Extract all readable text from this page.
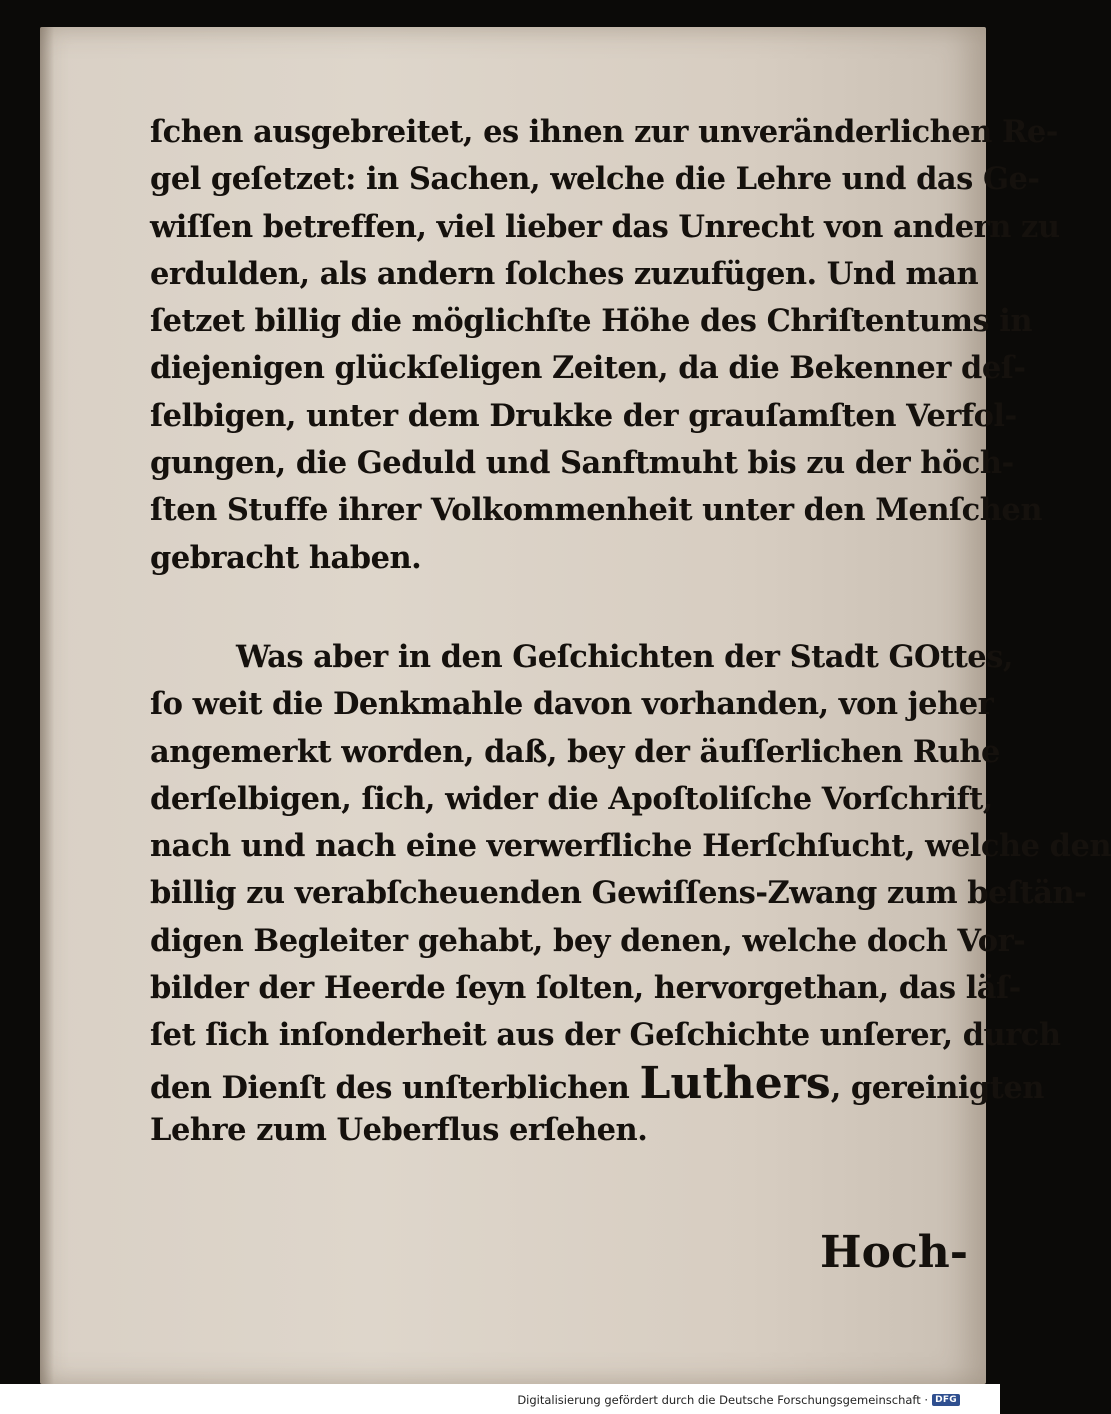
ſchen ausgebreitet, es ihnen zur unveränderlichen Re-
gel geſetzet: in Sachen, welche die Lehre und das Ge-
wiſſen betreffen, viel lieber das Unrecht von andern zu
erdulden, als andern ſolches zuzufügen. Und man
ſetzet billig die möglichſte Höhe des Chriſtentums in
diejenigen glückſeligen Zeiten, da die Bekenner deſ-
ſelbigen, unter dem Drukke der grauſamſten Verfol-
gungen, die Geduld und Sanftmuht bis zu der höch-
ſten Stuffe ihrer Volkommenheit unter den Menſchen
gebracht haben.
Was aber in den Geſchichten der Stadt GOttes,
ſo weit die Denkmahle davon vorhanden, von jeher
angemerkt worden, daß, bey der äuſſerlichen Ruhe
derſelbigen, ſich, wider die Apoſtoliſche Vorſchrift,
nach und nach eine verwerfliche Herſchſucht, welche den
billig zu verabſcheuenden Gewiſſens-Zwang zum beſtän-
digen Begleiter gehabt, bey denen, welche doch Vor-
bilder der Heerde ſeyn ſolten, hervorgethan, das läſ-
ſet ſich inſonderheit aus der Geſchichte unſerer, durch
den Dienſt des unſterblichen Luthers, gereinigten
Lehre zum Ueberflus erſehen.
Hoch-
Digitalisierung gefördert durch die Deutsche Forschungsgemeinschaft · DFG
